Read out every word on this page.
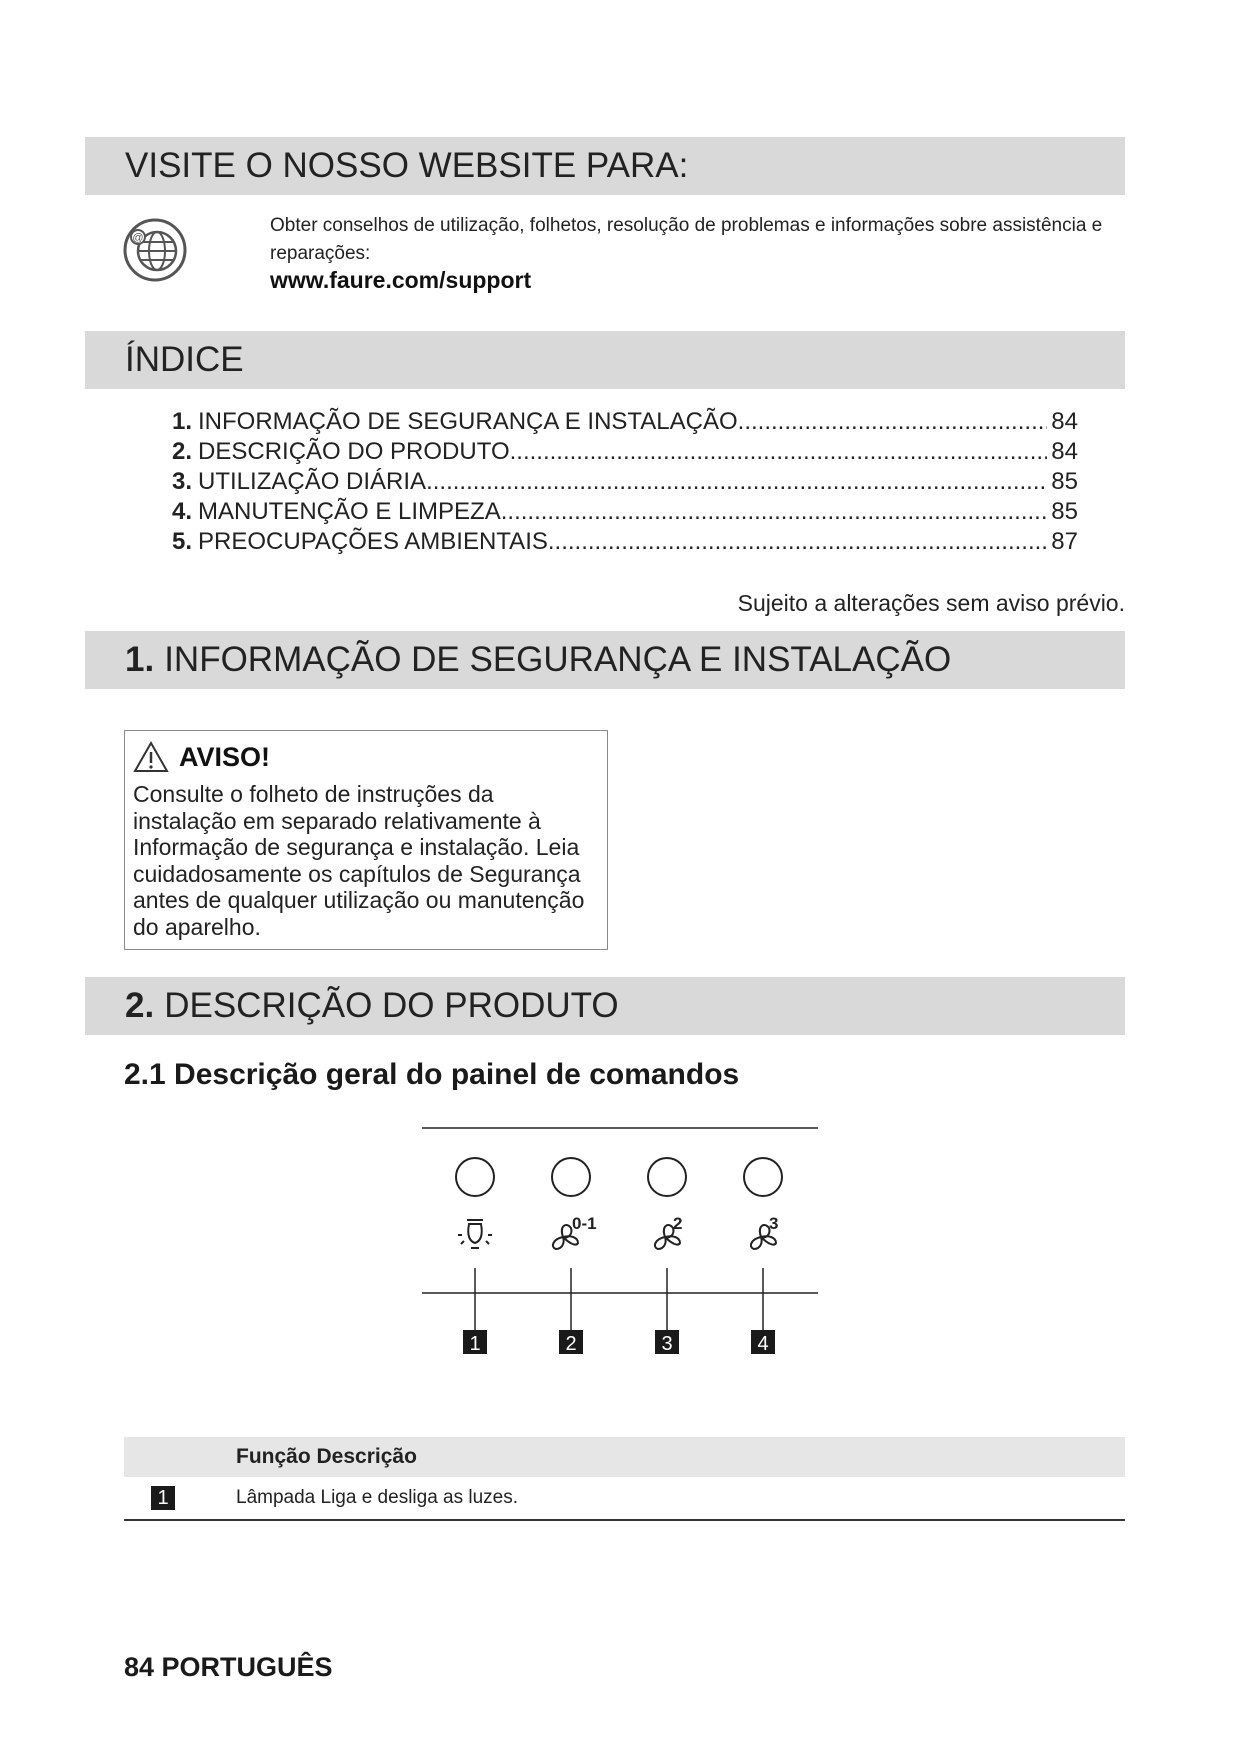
VISITE O NOSSO WEBSITE PARA:
@
Obter conselhos de utilização, folhetos, resolução de problemas e informações sobre assistência e reparações:
www.faure.com/support
ÍNDICE
1. INFORMAÇÃO DE SEGURANÇA E INSTALAÇÃO .....	84
2. DESCRIÇÃO DO PRODUTO .....	84
3. UTILIZAÇÃO DIÁRIA .....	85
4. MANUTENÇÃO E LIMPEZA .....	85
5. PREOCUPAÇÕES AMBIENTAIS .....	87
Sujeito a alterações sem aviso prévio.
1. INFORMAÇÃO DE SEGURANÇA E INSTALAÇÃO
AVISO!
Consulte o folheto de instruções da instalação em separado relativamente à Informação de segurança e instalação. Leia cuidadosamente os capítulos de Segurança antes de qualquer utilização ou manutenção do aparelho.
2. DESCRIÇÃO DO PRODUTO
2.1 Descrição geral do painel de comandos
0-1	2	3
1	2	3	4
Função Descrição
1	Lâmpada Liga e desliga as luzes.
84 PORTUGUÊS
